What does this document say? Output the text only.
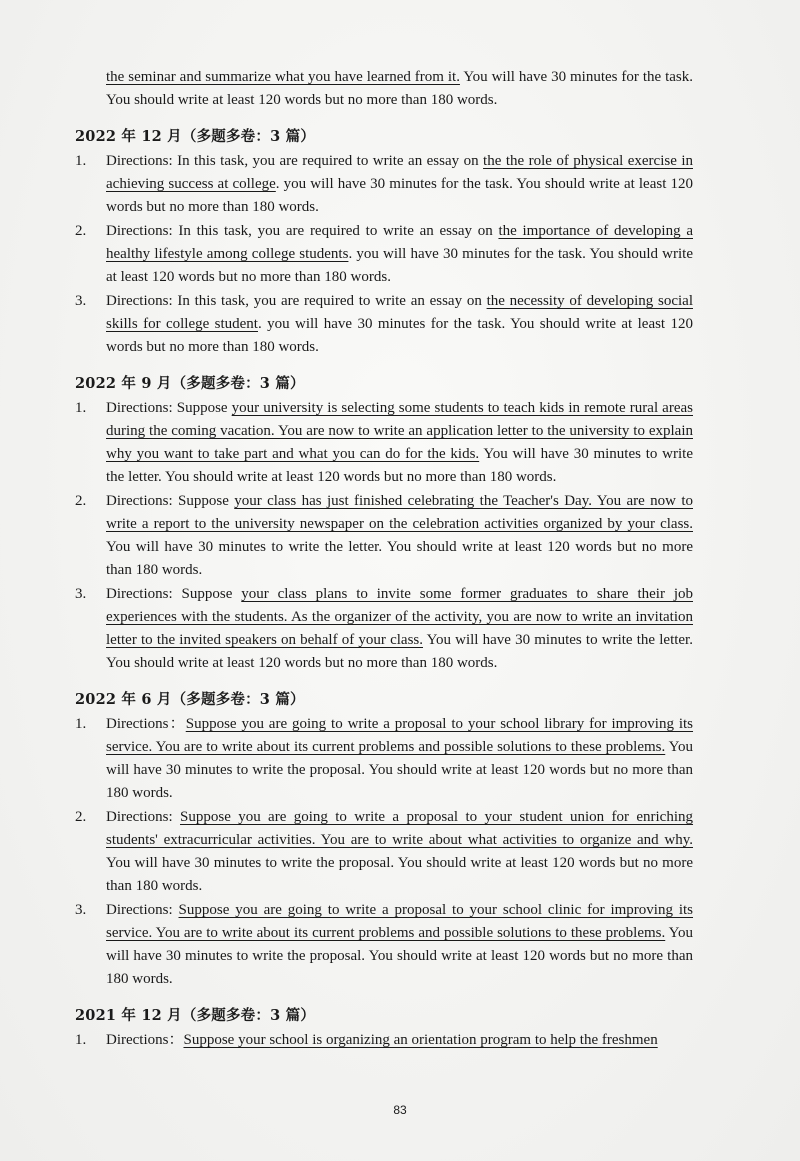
the seminar and summarize what you have learned from it. You will have 30 minutes for the task. You should write at least 120 words but no more than 180 words.
2022 年 12 月（多题多卷：3 篇）
1.	Directions: In this task, you are required to write an essay on the the role of physical exercise in achieving success at college. you will have 30 minutes for the task. You should write at least 120 words but no more than 180 words.
2.	Directions: In this task, you are required to write an essay on the importance of developing a healthy lifestyle among college students. you will have 30 minutes for the task. You should write at least 120 words but no more than 180 words.
3.	Directions: In this task, you are required to write an essay on the necessity of developing social skills for college student. you will have 30 minutes for the task. You should write at least 120 words but no more than 180 words.
2022 年 9 月（多题多卷：3 篇）
1.	Directions: Suppose your university is selecting some students to teach kids in remote rural areas during the coming vacation. You are now to write an application letter to the university to explain why you want to take part and what you can do for the kids. You will have 30 minutes to write the letter. You should write at least 120 words but no more than 180 words.
2.	Directions: Suppose your class has just finished celebrating the Teacher's Day. You are now to write a report to the university newspaper on the celebration activities organized by your class. You will have 30 minutes to write the letter. You should write at least 120 words but no more than 180 words.
3.	Directions: Suppose your class plans to invite some former graduates to share their job experiences with the students. As the organizer of the activity, you are now to write an invitation letter to the invited speakers on behalf of your class. You will have 30 minutes to write the letter. You should write at least 120 words but no more than 180 words.
2022 年 6 月（多题多卷：3 篇）
1.	Directions：Suppose you are going to write a proposal to your school library for improving its service. You are to write about its current problems and possible solutions to these problems. You will have 30 minutes to write the proposal. You should write at least 120 words but no more than 180 words.
2.	Directions: Suppose you are going to write a proposal to your student union for enriching students' extracurricular activities. You are to write about what activities to organize and why. You will have 30 minutes to write the proposal. You should write at least 120 words but no more than 180 words.
3.	Directions: Suppose you are going to write a proposal to your school clinic for improving its service. You are to write about its current problems and possible solutions to these problems. You will have 30 minutes to write the proposal. You should write at least 120 words but no more than 180 words.
2021 年 12 月（多题多卷：3 篇）
1.	Directions：Suppose your school is organizing an orientation program to help the freshmen
83
